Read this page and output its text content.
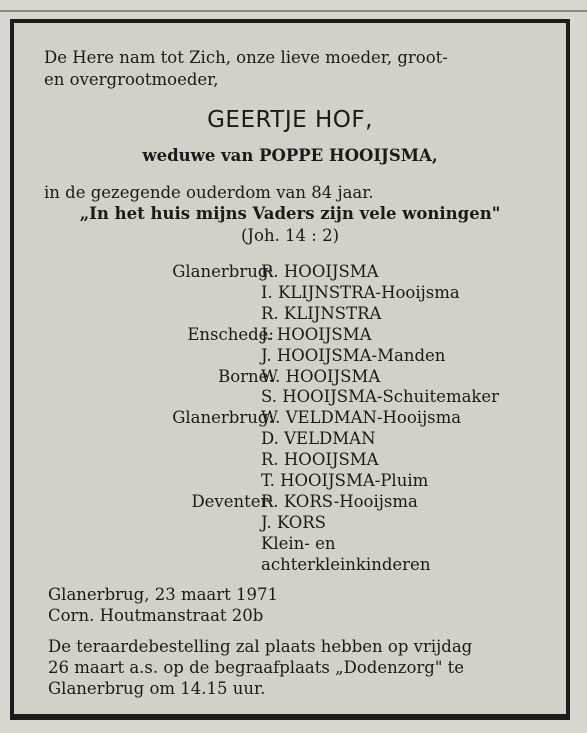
De Here nam tot Zich, onze lieve moeder, groot-
en overgrootmoeder,
GEERTJE HOF,
weduwe van POPPE HOOIJSMA,
in de gezegende ouderdom van 84 jaar.
„In het huis mijns Vaders zijn vele woningen"
(Joh. 14 : 2)
Glanerbrug:
R. HOOIJSMA
I. KLIJNSTRA-Hooijsma
R. KLIJNSTRA
Enschede:
J. HOOIJSMA
J. HOOIJSMA-Manden
Borne:
W. HOOIJSMA
S. HOOIJSMA-Schuitemaker
Glanerbrug:
W. VELDMAN-Hooijsma
D. VELDMAN
R. HOOIJSMA
T. HOOIJSMA-Pluim
Deventer:
R. KORS-Hooijsma
J. KORS
Klein- en
achterkleinkinderen
Glanerbrug, 23 maart 1971
Corn. Houtmanstraat 20b
De teraardebestelling zal plaats hebben op vrijdag
26 maart a.s. op de begraafplaats „Dodenzorg" te
Glanerbrug om 14.15 uur.
